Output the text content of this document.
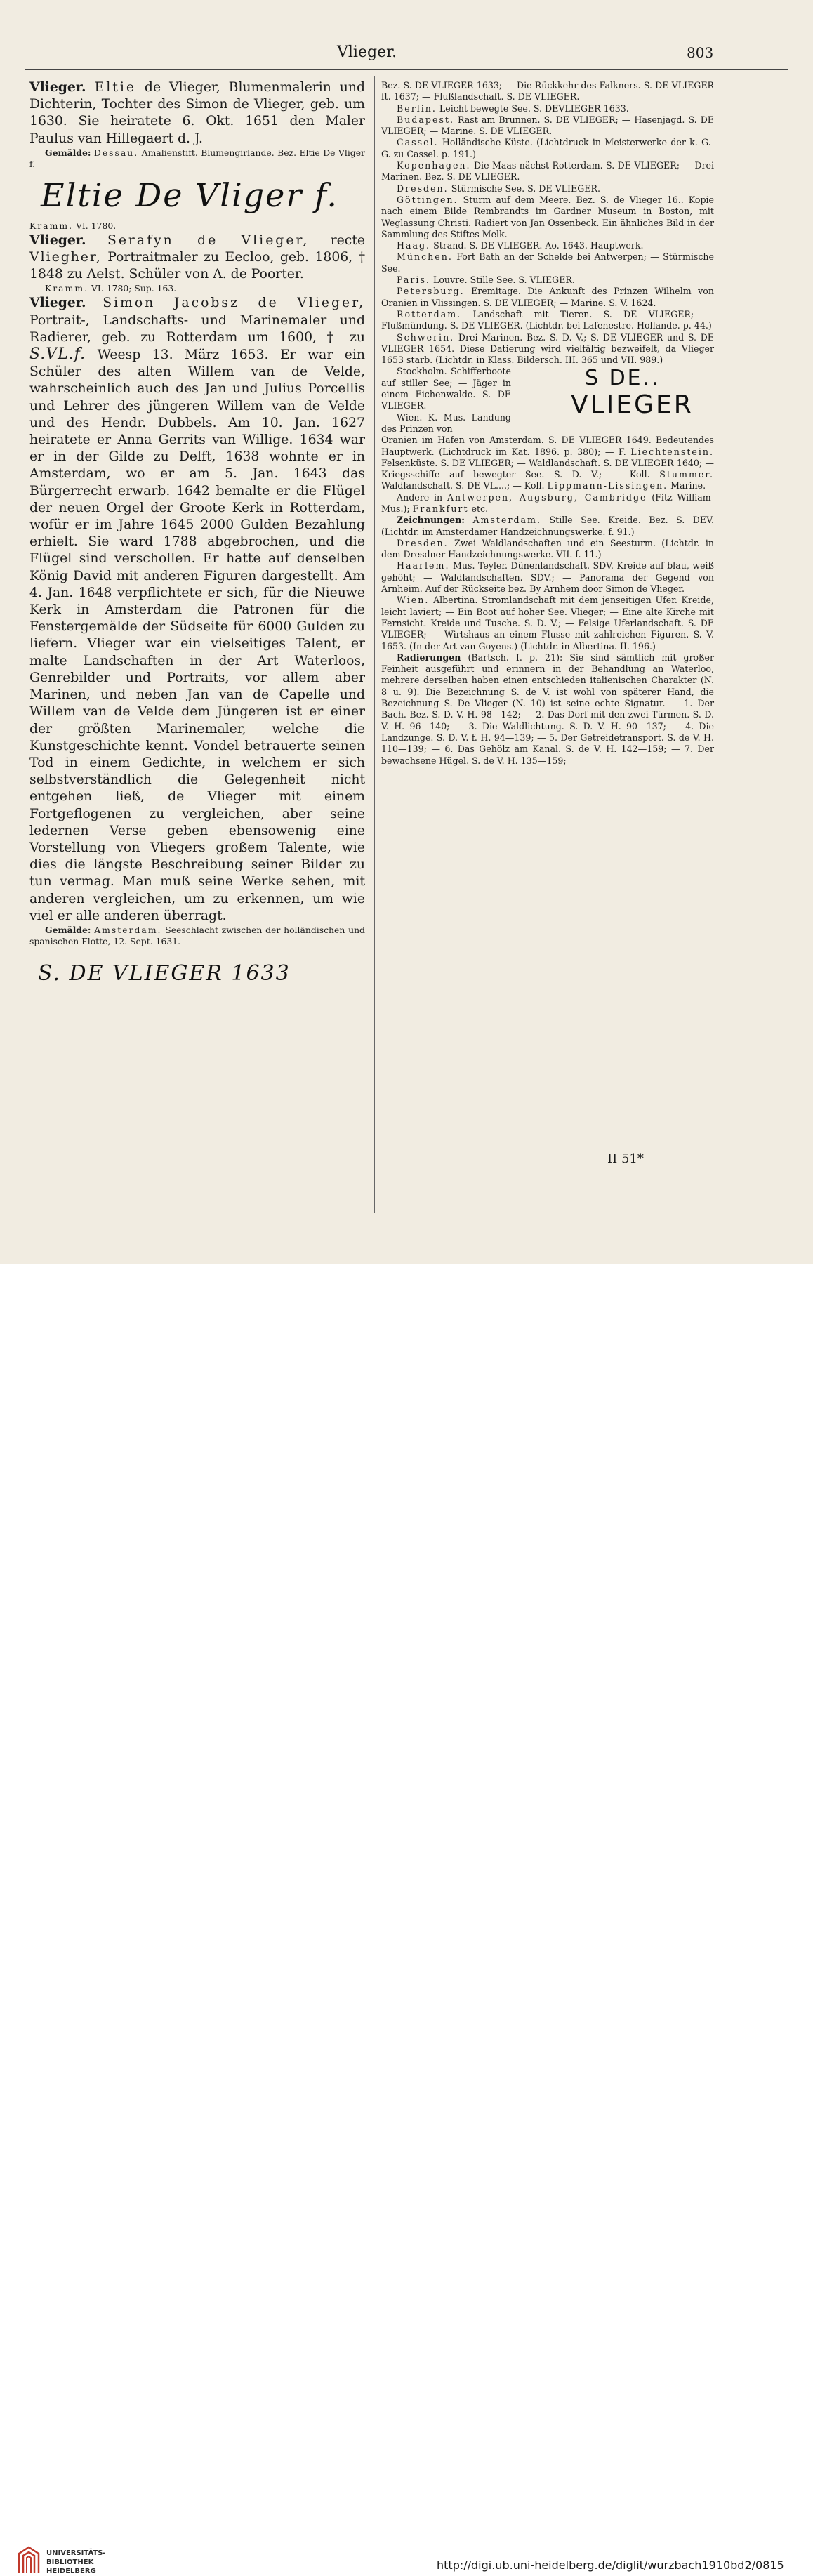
Vlieger.	803

Vlieger. Eltie de Vlieger, Blumenmalerin und Dichterin, Tochter des Simon de Vlieger, geb. um 1630. Sie heiratete 6. Okt. 1651 den Maler Paulus van Hillegaert d. J.

Gemälde: Dessau. Amalienstift. Blumengirlande. Bez. Eltie De Vliger f.

Eltie De Vliger f.

Kramm. VI. 1780.

Vlieger. Serafyn de Vlieger, recte Vliegher, Portraitmaler zu Eecloo, geb. 1806, † 1848 zu Aelst. Schüler von A. de Poorter.

Kramm. VI. 1780; Sup. 163.

Vlieger. Simon Jacobsz de Vlieger, Portrait-, Landschafts- und Marinemaler und Radierer, geb. zu Rotterdam um 1600, † zu S.VL.f. Weesp 13. März 1653. Er war ein Schüler des alten Willem van de Velde, wahrscheinlich auch des Jan und Julius Porcellis und Lehrer des jüngeren Willem van de Velde und des Hendr. Dubbels. Am 10. Jan. 1627 heiratete er Anna Gerrits van Willige. 1634 war er in der Gilde zu Delft, 1638 wohnte er in Amsterdam, wo er am 5. Jan. 1643 das Bürgerrecht erwarb. 1642 bemalte er die Flügel der neuen Orgel der Groote Kerk in Rotterdam, wofür er im Jahre 1645 2000 Gulden Bezahlung erhielt. Sie ward 1788 abgebrochen, und die Flügel sind verschollen. Er hatte auf denselben König David mit anderen Figuren dargestellt. Am 4. Jan. 1648 verpflichtete er sich, für die Nieuwe Kerk in Amsterdam die Patronen für die Fenstergemälde der Südseite für 6000 Gulden zu liefern. Vlieger war ein vielseitiges Talent, er malte Landschaften in der Art Waterloos, Genrebilder und Portraits, vor allem aber Marinen, und neben Jan van de Capelle und Willem van de Velde dem Jüngeren ist er einer der größten Marinemaler, welche die Kunstgeschichte kennt. Vondel betrauerte seinen Tod in einem Gedichte, in welchem er sich selbstverständlich die Gelegenheit nicht entgehen ließ, de Vlieger mit einem Fortgeflogenen zu vergleichen, aber seine ledernen Verse geben ebensowenig eine Vorstellung von Vliegers großem Talente, wie dies die längste Beschreibung seiner Bilder zu tun vermag. Man muß seine Werke sehen, mit anderen vergleichen, um zu erkennen, um wie viel er alle anderen überragt.

Gemälde: Amsterdam. Seeschlacht zwischen der holländischen und spanischen Flotte, 12. Sept. 1631.

S. DE VLIEGER 1633

Bez. S. DE VLIEGER 1633; — Die Rückkehr des Falkners. S. DE VLIEGER ft. 1637; — Flußlandschaft. S. DE VLIEGER.

Berlin. Leicht bewegte See. S. DEVLIEGER 1633.

Budapest. Rast am Brunnen. S. DE VLIEGER; — Hasenjagd. S. DE VLIEGER; — Marine. S. DE VLIEGER.

Cassel. Holländische Küste. (Lichtdruck in Meisterwerke der k. G.-G. zu Cassel. p. 191.)

Kopenhagen. Die Maas nächst Rotterdam. S. DE VLIEGER; — Drei Marinen. Bez. S. DE VLIEGER.

Dresden. Stürmische See. S. DE VLIEGER.

Göttingen. Sturm auf dem Meere. Bez. S. de Vlieger 16.. Kopie nach einem Bilde Rembrandts im Gardner Museum in Boston, mit Weglassung Christi. Radiert von Jan Ossenbeck. Ein ähnliches Bild in der Sammlung des Stiftes Melk.

Haag. Strand. S. DE VLIEGER. Ao. 1643. Hauptwerk.

München. Fort Bath an der Schelde bei Antwerpen; — Stürmische See.

Paris. Louvre. Stille See. S. VLIEGER.

Petersburg. Eremitage. Die Ankunft des Prinzen Wilhelm von Oranien in Vlissingen. S. DE VLIEGER; — Marine. S. V. 1624.

Rotterdam. Landschaft mit Tieren. S. DE VLIEGER; — Flußmündung. S. DE VLIEGER. (Lichtdr. bei Lafenestre. Hollande. p. 44.)

Schwerin. Drei Marinen. Bez. S. D. V.; S. DE VLIEGER und S. DE VLIEGER 1654. Diese Datierung wird vielfältig bezweifelt, da Vlieger 1653 starb. (Lichtdr. in Klass. Bildersch. III. 365 und VII. 989.)

S DE..
VLIEGER

Stockholm. Schifferboote auf stiller See; — Jäger in einem Eichenwalde. S. DE VLIEGER.

Wien. K. Mus. Landung des Prinzen von

Oranien im Hafen von Amsterdam. S. DE VLIEGER 1649. Bedeutendes Hauptwerk. (Lichtdruck im Kat. 1896. p. 380); — F. Liechtenstein. Felsenküste. S. DE VLIEGER; — Waldlandschaft. S. DE VLIEGER 1640; — Kriegsschiffe auf bewegter See. S. D. V.; — Koll. Stummer. Waldlandschaft. S. DE VL....; — Koll. Lippmann-Lissingen. Marine.

Andere in Antwerpen, Augsburg, Cambridge (Fitz William-Mus.); Frankfurt etc.

Zeichnungen: Amsterdam. Stille See. Kreide. Bez. S. DEV. (Lichtdr. im Amsterdamer Handzeichnungswerke. f. 91.)

Dresden. Zwei Waldlandschaften und ein Seesturm. (Lichtdr. in dem Dresdner Handzeichnungswerke. VII. f. 11.)

Haarlem. Mus. Teyler. Dünenlandschaft. SDV. Kreide auf blau, weiß gehöht; — Waldlandschaften. SDV.; — Panorama der Gegend von Arnheim. Auf der Rückseite bez. By Arnhem door Simon de Vlieger.

Wien. Albertina. Stromlandschaft mit dem jenseitigen Ufer. Kreide, leicht laviert; — Ein Boot auf hoher See. Vlieger; — Eine alte Kirche mit Fernsicht. Kreide und Tusche. S. D. V.; — Felsige Uferlandschaft. S. DE VLIEGER; — Wirtshaus an einem Flusse mit zahlreichen Figuren. S. V. 1653. (In der Art van Goyens.) (Lichtdr. in Albertina. II. 196.)

Radierungen (Bartsch. I. p. 21): Sie sind sämtlich mit großer Feinheit ausgeführt und erinnern in der Behandlung an Waterloo, mehrere derselben haben einen entschieden italienischen Charakter (N. 8 u. 9). Die Bezeichnung S. de V. ist wohl von späterer Hand, die Bezeichnung S. De Vlieger (N. 10) ist seine echte Signatur. — 1. Der Bach. Bez. S. D. V. H. 98—142; — 2. Das Dorf mit den zwei Türmen. S. D. V. H. 96—140; — 3. Die Waldlichtung. S. D. V. H. 90—137; — 4. Die Landzunge. S. D. V. f. H. 94—139; — 5. Der Getreidetransport. S. de V. H. 110—139; — 6. Das Gehölz am Kanal. S. de V. H. 142—159; — 7. Der bewachsene Hügel. S. de V. H. 135—159;

II 51*
UNIVERSITÄTS-
BIBLIOTHEK
HEIDELBERG	http://digi.ub.uni-heidelberg.de/diglit/wurzbach1910bd2/0815
